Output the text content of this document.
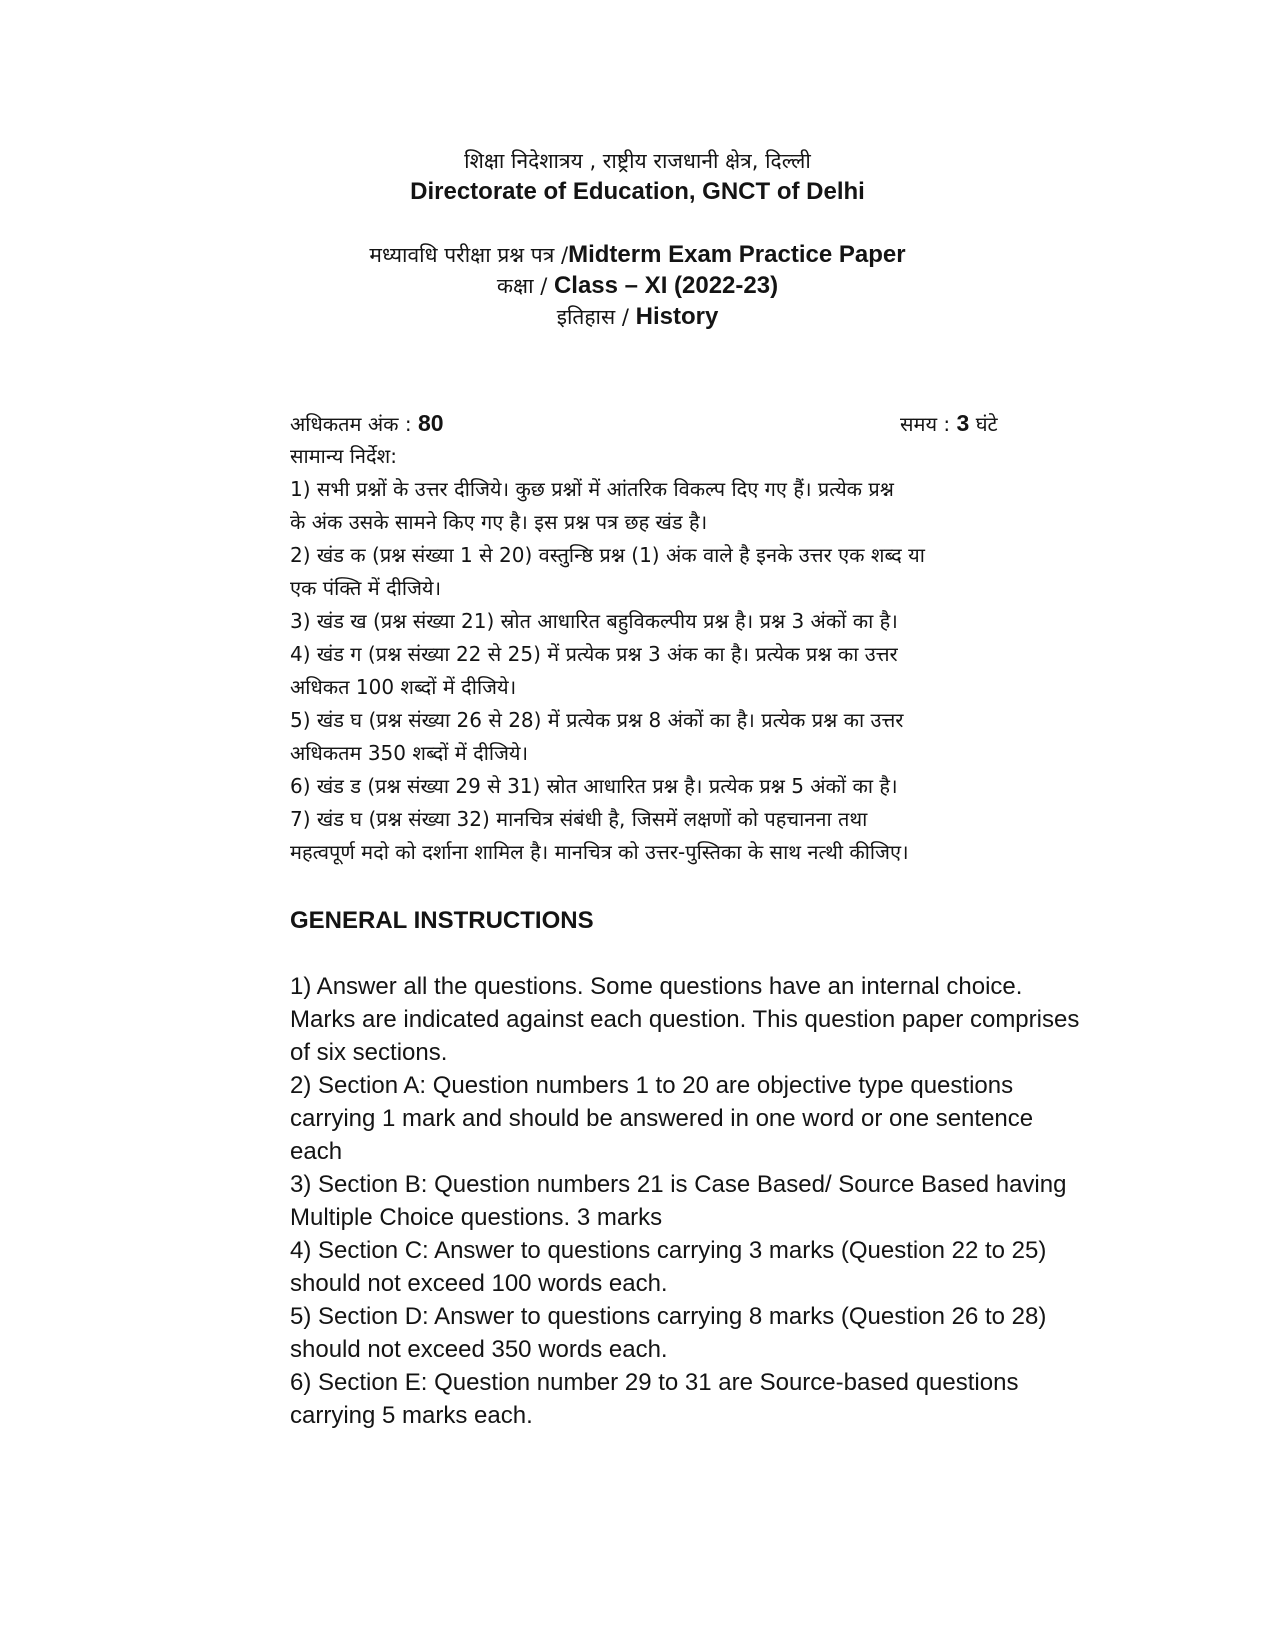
शिक्षा निदेशात्रय , राष्ट्रीय राजधानी क्षेत्र, दिल्ली
Directorate of Education, GNCT of Delhi
मध्यावधि परीक्षा प्रश्न पत्र /Midterm Exam Practice Paper
कक्षा / Class – XI (2022-23)
इतिहास / History
अधिकतम अंक : 80	समय : 3 घंटे
सामान्य निर्देश:
1) सभी प्रश्नों के उत्तर दीजिये। कुछ प्रश्नों में आंतरिक विकल्प दिए गए हैं। प्रत्येक प्रश्न
के अंक उसके सामने किए गए है। इस प्रश्न पत्र छह खंड है।
2) खंड क (प्रश्न संख्या 1 से 20) वस्तुन्ष्ठि प्रश्न (1) अंक वाले है इनके उत्तर एक शब्द या
एक पंक्ति में दीजिये।
3) खंड ख (प्रश्न संख्या 21) स्रोत आधारित बहुविकल्पीय प्रश्न है। प्रश्न 3 अंकों का है।
4) खंड ग (प्रश्न संख्या 22 से 25) में प्रत्येक प्रश्न 3 अंक का है। प्रत्येक प्रश्न का उत्तर
अधिकत 100 शब्दों में दीजिये।
5) खंड घ (प्रश्न संख्या 26 से 28) में प्रत्येक प्रश्न 8 अंकों का है। प्रत्येक प्रश्न का उत्तर
अधिकतम 350 शब्दों में दीजिये।
6) खंड ड (प्रश्न संख्या 29 से 31) स्रोत आधारित प्रश्न है। प्रत्येक प्रश्न 5 अंकों का है।
7) खंड घ (प्रश्न संख्या 32) मानचित्र संबंधी है, जिसमें लक्षणों को पहचानना तथा
महत्वपूर्ण मदो को दर्शाना शामिल है। मानचित्र को उत्तर-पुस्तिका के साथ नत्थी कीजिए।
GENERAL INSTRUCTIONS
1) Answer all the questions. Some questions have an internal choice.
Marks are indicated against each question. This question paper comprises
of six sections.
2) Section A: Question numbers 1 to 20 are objective type questions
carrying 1 mark and should be answered in one word or one sentence
each
3) Section B: Question numbers 21 is Case Based/ Source Based having
Multiple Choice questions. 3 marks
4) Section C: Answer to questions carrying 3 marks (Question 22 to 25)
should not exceed 100 words each.
5) Section D: Answer to questions carrying 8 marks (Question 26 to 28)
should not exceed 350 words each.
6) Section E: Question number 29 to 31 are Source-based questions
carrying 5 marks each.
